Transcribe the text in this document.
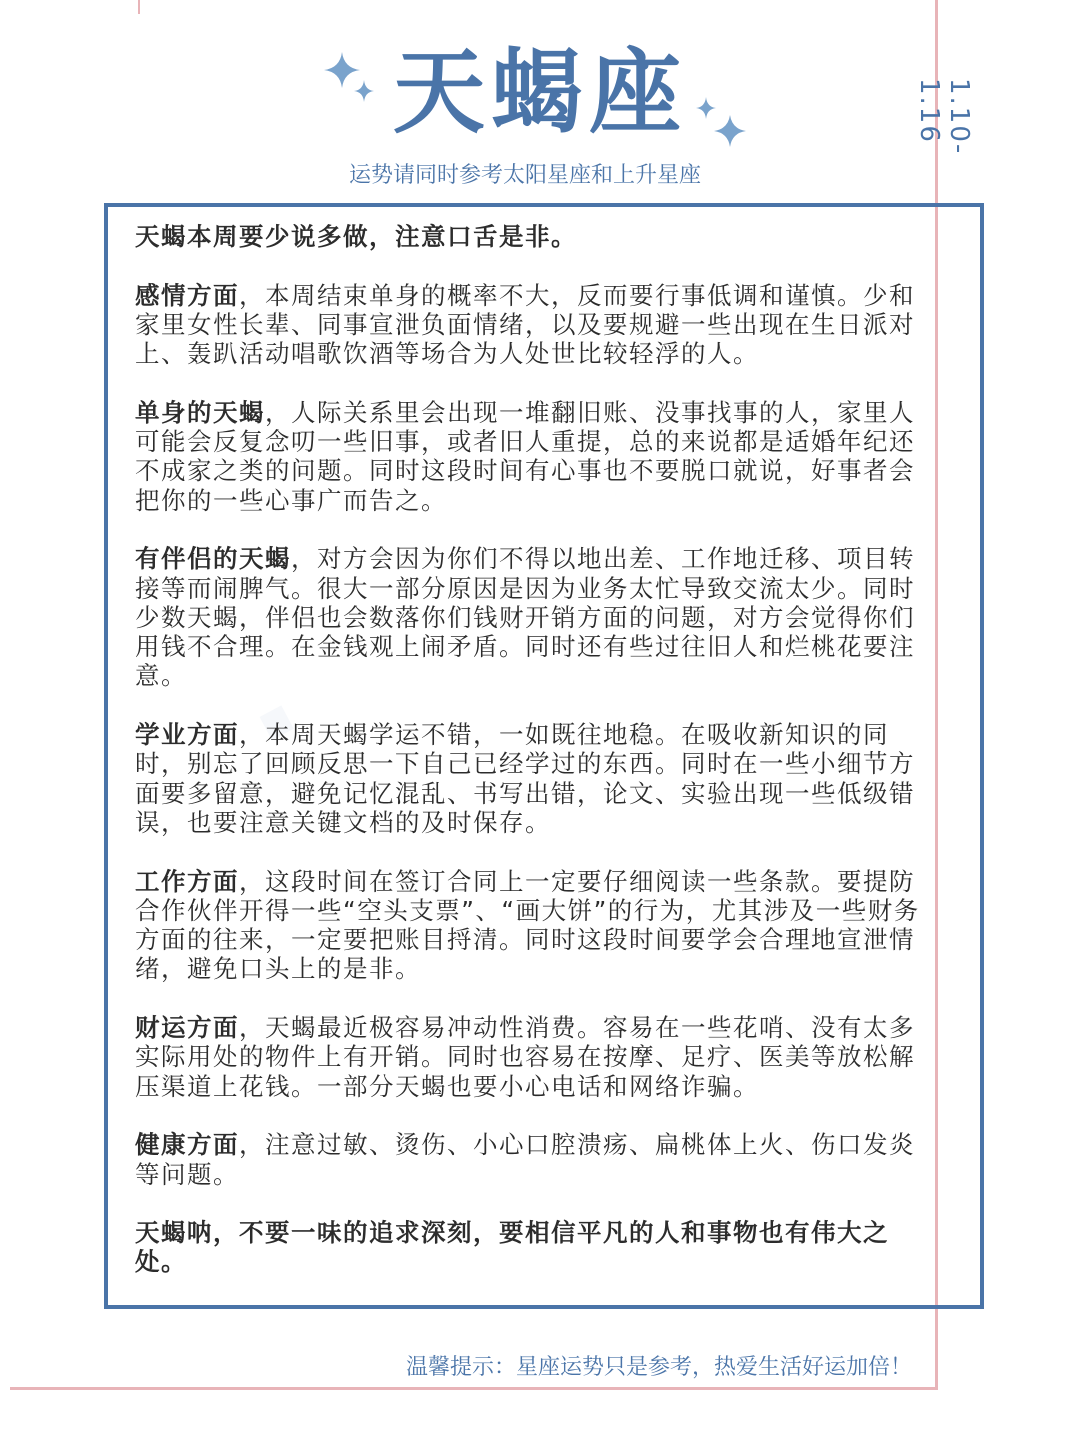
天蝎座
运势请同时参考太阳星座和上升星座
1.10-1.16
·

天蝎本周要少说多做，注意口舌是非。

感情方面，本周结束单身的概率不大，反而要行事低调和谨慎。少和家里女性长辈、同事宣泄负面情绪，以及要规避一些出现在生日派对上、轰趴活动唱歌饮酒等场合为人处世比较轻浮的人。

单身的天蝎，人际关系里会出现一堆翻旧账、没事找事的人，家里人可能会反复念叨一些旧事，或者旧人重提，总的来说都是适婚年纪还不成家之类的问题。同时这段时间有心事也不要脱口就说，好事者会把你的一些心事广而告之。

有伴侣的天蝎，对方会因为你们不得以地出差、工作地迁移、项目转接等而闹脾气。很大一部分原因是因为业务太忙导致交流太少。同时少数天蝎，伴侣也会数落你们钱财开销方面的问题，对方会觉得你们用钱不合理。在金钱观上闹矛盾。同时还有些过往旧人和烂桃花要注意。

学业方面，本周天蝎学运不错，一如既往地稳。在吸收新知识的同时，别忘了回顾反思一下自己已经学过的东西。同时在一些小细节方面要多留意，避免记忆混乱、书写出错，论文、实验出现一些低级错误，也要注意关键文档的及时保存。

工作方面，这段时间在签订合同上一定要仔细阅读一些条款。要提防合作伙伴开得一些“空头支票”、“画大饼”的行为，尤其涉及一些财务方面的往来，一定要把账目捋清。同时这段时间要学会合理地宣泄情绪，避免口头上的是非。

财运方面，天蝎最近极容易冲动性消费。容易在一些花哨、没有太多实际用处的物件上有开销。同时也容易在按摩、足疗、医美等放松解压渠道上花钱。一部分天蝎也要小心电话和网络诈骗。

健康方面，注意过敏、烫伤、小心口腔溃疡、扁桃体上火、伤口发炎等问题。

天蝎呐，不要一味的追求深刻，要相信平凡的人和事物也有伟大之处。

温馨提示：星座运势只是参考，热爱生活好运加倍！
